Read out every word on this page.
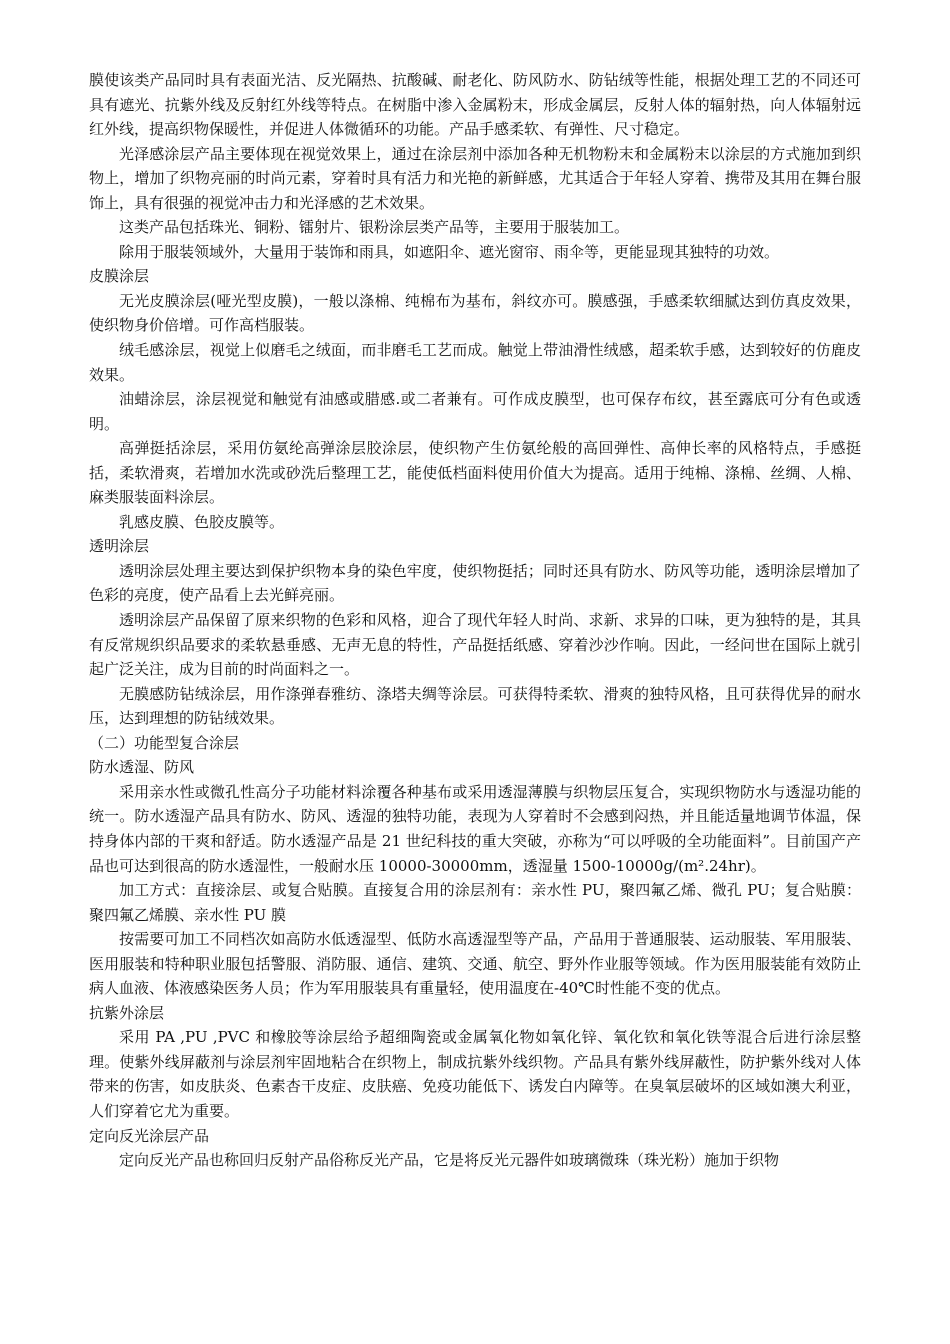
膜使该类产品同时具有表面光洁、反光隔热、抗酸碱、耐老化、防风防水、防钻绒等性能，根据处理工艺的不同还可具有遮光、抗紫外线及反射红外线等特点。在树脂中渗入金属粉末，形成金属层，反射人体的辐射热，向人体辐射远红外线，提高织物保暖性，并促进人体微循环的功能。产品手感柔软、有弹性、尺寸稳定。

光泽感涂层产品主要体现在视觉效果上，通过在涂层剂中添加各种无机物粉末和金属粉末以涂层的方式施加到织物上，增加了织物亮丽的时尚元素，穿着时具有活力和光艳的新鲜感，尤其适合于年轻人穿着、携带及其用在舞台服饰上，具有很强的视觉冲击力和光泽感的艺术效果。

这类产品包括珠光、铜粉、镭射片、银粉涂层类产品等，主要用于服装加工。

除用于服装领域外，大量用于装饰和雨具，如遮阳伞、遮光窗帘、雨伞等，更能显现其独特的功效。

皮膜涂层

无光皮膜涂层(哑光型皮膜)，一般以涤棉、纯棉布为基布，斜纹亦可。膜感强，手感柔软细腻达到仿真皮效果，使织物身价倍增。可作高档服装。

绒毛感涂层，视觉上似磨毛之绒面，而非磨毛工艺而成。触觉上带油滑性绒感，超柔软手感，达到较好的仿鹿皮效果。

油蜡涂层，涂层视觉和触觉有油感或腊感.或二者兼有。可作成皮膜型，也可保存布纹，甚至露底可分有色或透明。

高弹挺括涂层，采用仿氨纶高弹涂层胶涂层，使织物产生仿氨纶般的高回弹性、高伸长率的风格特点，手感挺括，柔软滑爽，若增加水洗或砂洗后整理工艺，能使低档面料使用价值大为提高。适用于纯棉、涤棉、丝绸、人棉、麻类服装面料涂层。

乳感皮膜、色胶皮膜等。

透明涂层

透明涂层处理主要达到保护织物本身的染色牢度，使织物挺括；同时还具有防水、防风等功能，透明涂层增加了色彩的亮度，使产品看上去光鲜亮丽。

透明涂层产品保留了原来织物的色彩和风格，迎合了现代年轻人时尚、求新、求异的口味，更为独特的是，其具有反常规织织品要求的柔软悬垂感、无声无息的特性，产品挺括纸感、穿着沙沙作响。因此，一经问世在国际上就引起广泛关注，成为目前的时尚面料之一。

无膜感防钻绒涂层，用作涤弹春雅纺、涤塔夫绸等涂层。可获得特柔软、滑爽的独特风格，且可获得优异的耐水压，达到理想的防钻绒效果。

（二）功能型复合涂层

防水透湿、防风

采用亲水性或微孔性高分子功能材料涂覆各种基布或采用透湿薄膜与织物层压复合，实现织物防水与透湿功能的统一。防水透湿产品具有防水、防风、透湿的独特功能，表现为人穿着时不会感到闷热，并且能适量地调节体温，保持身体内部的干爽和舒适。防水透湿产品是 21 世纪科技的重大突破，亦称为“可以呼吸的全功能面料”。目前国产产品也可达到很高的防水透湿性，一般耐水压 10000-30000mm，透湿量 1500-10000g/(m².24hr)。

加工方式：直接涂层、或复合贴膜。直接复合用的涂层剂有：亲水性 PU，聚四氟乙烯、微孔 PU；复合贴膜：聚四氟乙烯膜、亲水性 PU 膜

按需要可加工不同档次如高防水低透湿型、低防水高透湿型等产品，产品用于普通服装、运动服装、军用服装、医用服装和特种职业服包括警服、消防服、通信、建筑、交通、航空、野外作业服等领域。作为医用服装能有效防止病人血液、体液感染医务人员；作为军用服装具有重量轻，使用温度在-40℃时性能不变的优点。

抗紫外涂层

采用 PA ,PU ,PVC 和橡胶等涂层给予超细陶瓷或金属氧化物如氧化锌、氧化钦和氧化铁等混合后进行涂层整理。使紫外线屏蔽剂与涂层剂牢固地粘合在织物上，制成抗紫外线织物。产品具有紫外线屏蔽性，防护紫外线对人体带来的伤害，如皮肤炎、色素杏干皮症、皮肤癌、免疫功能低下、诱发白内障等。在臭氧层破坏的区域如澳大利亚，人们穿着它尤为重要。

定向反光涂层产品

定向反光产品也称回归反射产品俗称反光产品，它是将反光元器件如玻璃微珠（珠光粉）施加于织物
